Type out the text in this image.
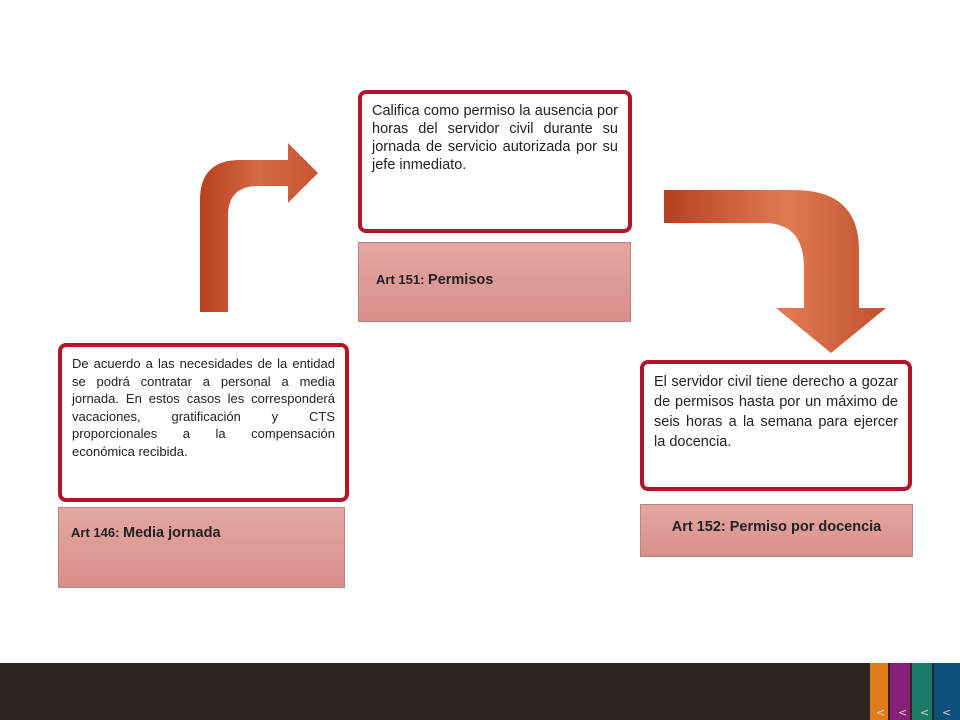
Califica como permiso la ausencia por horas del servidor civil durante su jornada de servicio autorizada por su jefe inmediato.

Art 151: Permisos

De acuerdo a las necesidades de la entidad se podrá contratar a personal a media jornada. En estos casos les corresponderá vacaciones, gratificación y CTS proporcionales a la compensación económica recibida.

Art 146: Media jornada

El servidor civil tiene derecho a gozar de permisos hasta por un máximo de seis horas a la semana para ejercer la docencia.

Art 152: Permiso por docencia
< < < <
